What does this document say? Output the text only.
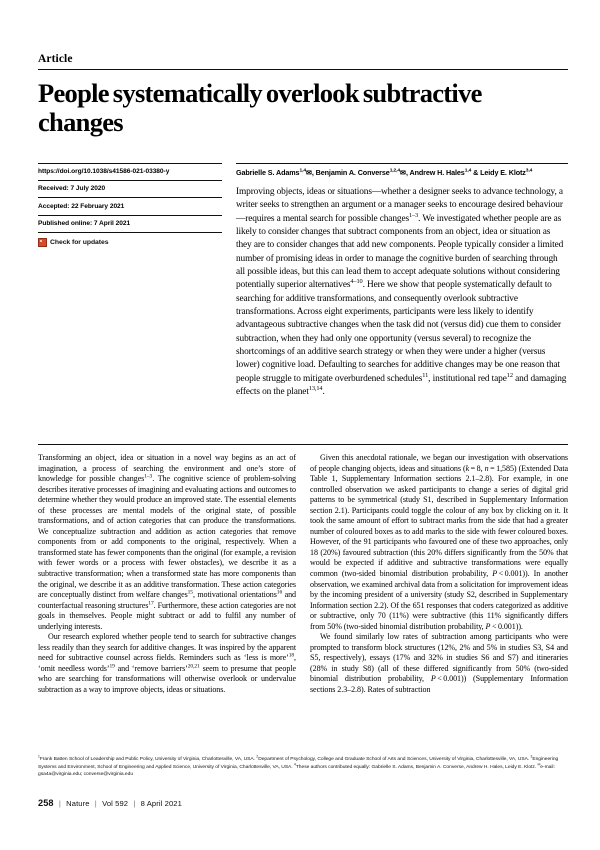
Article
People systematically overlook subtractive changes
https://doi.org/10.1038/s41586-021-03380-y
Received: 7 July 2020
Accepted: 22 February 2021
Published online: 7 April 2021
Check for updates
Gabrielle S. Adams$^{1,4}$✉, Benjamin A. Converse$^{1,2,4}$✉, Andrew H. Hales$^{1,4}$ & Leidy E. Klotz$^{3,4}$
Improving objects, ideas or situations—whether a designer seeks to advance technology, a writer seeks to strengthen an argument or a manager seeks to encourage desired behaviour—requires a mental search for possible changes$^{1-3}$. We investigated whether people are as likely to consider changes that subtract components from an object, idea or situation as they are to consider changes that add new components. People typically consider a limited number of promising ideas in order to manage the cognitive burden of searching through all possible ideas, but this can lead them to accept adequate solutions without considering potentially superior alternatives$^{4-10}$. Here we show that people systematically default to searching for additive transformations, and consequently overlook subtractive transformations. Across eight experiments, participants were less likely to identify advantageous subtractive changes when the task did not (versus did) cue them to consider subtraction, when they had only one opportunity (versus several) to recognize the shortcomings of an additive search strategy or when they were under a higher (versus lower) cognitive load. Defaulting to searches for additive changes may be one reason that people struggle to mitigate overburdened schedules$^{11}$, institutional red tape$^{12}$ and damaging effects on the planet$^{13,14}$.

Transforming an object, idea or situation in a novel way begins as an act of imagination, a process of searching the environment and one’s store of knowledge for possible changes$^{1-3}$. The cognitive science of problem-solving describes iterative processes of imagining and evaluating actions and outcomes to determine whether they would produce an improved state. The essential elements of these processes are mental models of the original state, of possible transformations, and of action categories that can produce the transformations. We conceptualize subtraction and addition as action categories that remove components from or add components to the original, respectively. When a transformed state has fewer components than the original (for example, a revision with fewer words or a process with fewer obstacles), we describe it as a subtractive transformation; when a transformed state has more components than the original, we describe it as an additive transformation. These action categories are conceptually distinct from welfare changes$^{15}$, motivational orientations$^{16}$ and counterfactual reasoning structures$^{17}$. Furthermore, these action categories are not goals in themselves. People might subtract or add to fulfil any number of underlying interests.

Our research explored whether people tend to search for subtractive changes less readily than they search for additive changes. It was inspired by the apparent need for subtractive counsel across fields. Reminders such as ‘less is more’$^{18}$, ‘omit needless words’$^{19}$ and ‘remove barriers’$^{20,21}$ seem to presume that people who are searching for transformations will otherwise overlook or undervalue subtraction as a way to improve objects, ideas or situations.

Given this anecdotal rationale, we began our investigation with observations of people changing objects, ideas and situations (k = 8, n = 1,585) (Extended Data Table 1, Supplementary Information sections 2.1–2.8). For example, in one controlled observation we asked participants to change a series of digital grid patterns to be symmetrical (study S1, described in Supplementary Information section 2.1). Participants could toggle the colour of any box by clicking on it. It took the same amount of effort to subtract marks from the side that had a greater number of coloured boxes as to add marks to the side with fewer coloured boxes. However, of the 91 participants who favoured one of these two approaches, only 18 (20%) favoured subtraction (this 20% differs significantly from the 50% that would be expected if additive and subtractive transformations were equally common (two-sided binomial distribution probability, P < 0.001)). In another observation, we examined archival data from a solicitation for improvement ideas by the incoming president of a university (study S2, described in Supplementary Information section 2.2). Of the 651 responses that coders categorized as additive or subtractive, only 70 (11%) were subtractive (this 11% significantly differs from 50% (two-sided binomial distribution probability, P < 0.001)).

We found similarly low rates of subtraction among participants who were prompted to transform block structures (12%, 2% and 5% in studies S3, S4 and S5, respectively), essays (17% and 32% in studies S6 and S7) and itineraries (28% in study S8) (all of these differed significantly from 50% (two-sided binomial distribution probability, P < 0.001)) (Supplementary Information sections 2.3–2.8). Rates of subtraction

$^1$Frank Batten School of Leadership and Public Policy, University of Virginia, Charlottesville, VA, USA. $^2$Department of Psychology, College and Graduate School of Arts and Sciences, University of Virginia, Charlottesville, VA, USA. $^3$Engineering Systems and Environment, School of Engineering and Applied Science, University of Virginia, Charlottesville, VA, USA. $^4$These authors contributed equally: Gabrielle S. Adams, Benjamin A. Converse, Andrew H. Hales, Leidy E. Klotz. ✉e-mail: gsa4a@virginia.edu; converse@virginia.edu
258 | Nature | Vol 592 | 8 April 2021
